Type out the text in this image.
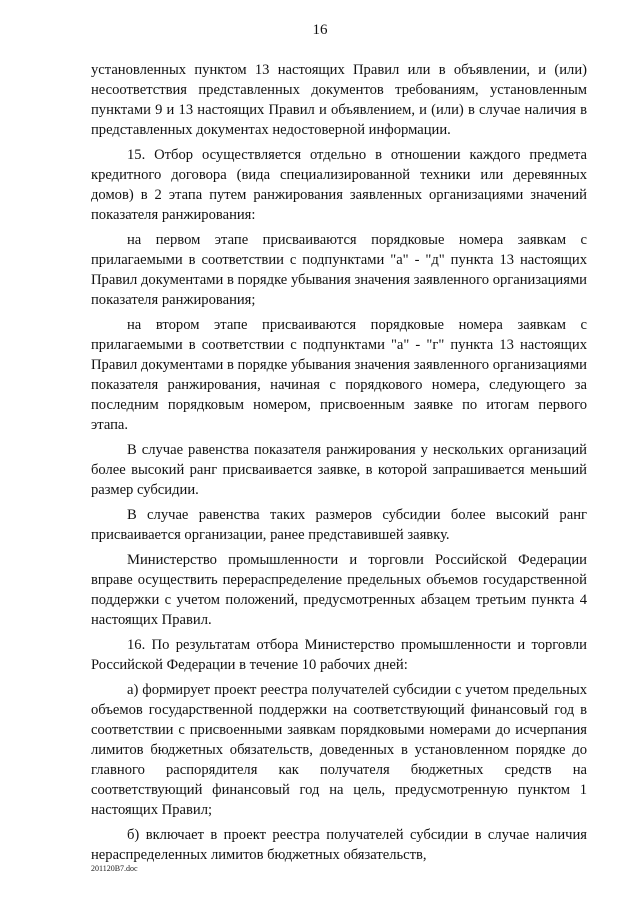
16

установленных пунктом 13 настоящих Правил или в объявлении, и (или) несоответствия представленных документов требованиям, установленным пунктами 9 и 13 настоящих Правил и объявлением, и (или) в случае наличия в представленных документах недостоверной информации.

15. Отбор осуществляется отдельно в отношении каждого предмета кредитного договора (вида специализированной техники или деревянных домов) в 2 этапа путем ранжирования заявленных организациями значений показателя ранжирования:

на первом этапе присваиваются порядковые номера заявкам с прилагаемыми в соответствии с подпунктами "а" - "д" пункта 13 настоящих Правил документами в порядке убывания значения заявленного организациями показателя ранжирования;

на втором этапе присваиваются порядковые номера заявкам с прилагаемыми в соответствии с подпунктами "а" - "г" пункта 13 настоящих Правил документами в порядке убывания значения заявленного организациями показателя ранжирования, начиная с порядкового номера, следующего за последним порядковым номером, присвоенным заявке по итогам первого этапа.

В случае равенства показателя ранжирования у нескольких организаций более высокий ранг присваивается заявке, в которой запрашивается меньший размер субсидии.

В случае равенства таких размеров субсидии более высокий ранг присваивается организации, ранее представившей заявку.

Министерство промышленности и торговли Российской Федерации вправе осуществить перераспределение предельных объемов государственной поддержки с учетом положений, предусмотренных абзацем третьим пункта 4 настоящих Правил.

16. По результатам отбора Министерство промышленности и торговли Российской Федерации в течение 10 рабочих дней:

а) формирует проект реестра получателей субсидии с учетом предельных объемов государственной поддержки на соответствующий финансовый год в соответствии с присвоенными заявкам порядковыми номерами до исчерпания лимитов бюджетных обязательств, доведенных в установленном порядке до главного распорядителя как получателя бюджетных средств на соответствующий финансовый год на цель, предусмотренную пунктом 1 настоящих Правил;

б) включает в проект реестра получателей субсидии в случае наличия нераспределенных лимитов бюджетных обязательств,

201120В7.doc
